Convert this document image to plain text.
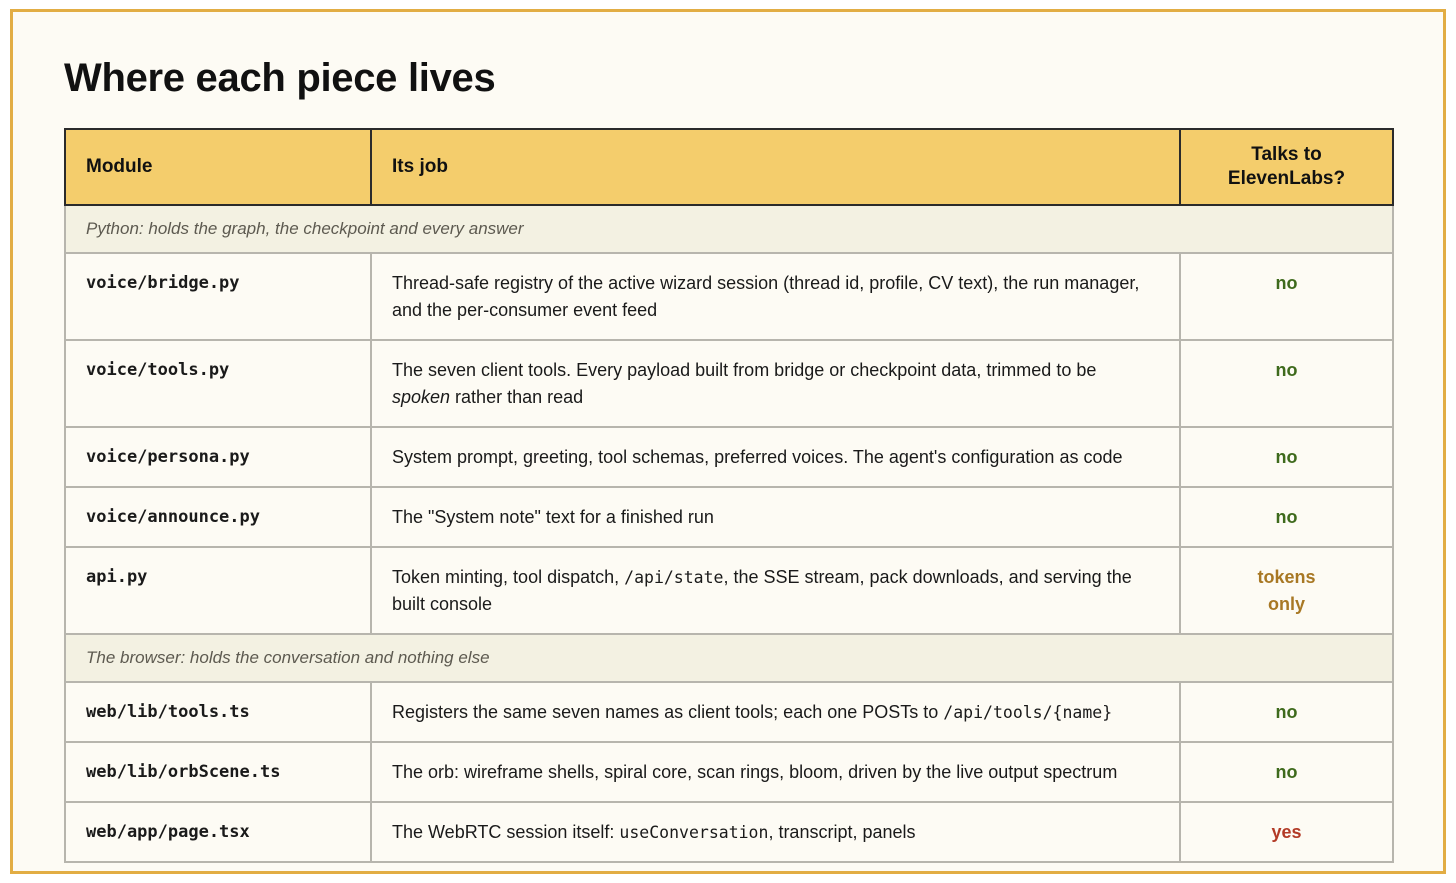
Where each piece lives
Module	Its job	Talks to
ElevenLabs?
Python: holds the graph, the checkpoint and every answer		
voice/bridge.py	Thread-safe registry of the active wizard session (thread id, profile, CV text), the run manager, and the per-consumer event feed	no
voice/tools.py	The seven client tools. Every payload built from bridge or checkpoint data, trimmed to be spoken rather than read	no
voice/persona.py	System prompt, greeting, tool schemas, preferred voices. The agent's configuration as code	no
voice/announce.py	The "System note" text for a finished run	no
api.py	Token minting, tool dispatch, /api/state, the SSE stream, pack downloads, and serving the built console	tokens
only
The browser: holds the conversation and nothing else		
web/lib/tools.ts	Registers the same seven names as client tools; each one POSTs to /api/tools/{name}	no
web/lib/orbScene.ts	The orb: wireframe shells, spiral core, scan rings, bloom, driven by the live output spectrum	no
web/app/page.tsx	The WebRTC session itself: useConversation, transcript, panels	yes
